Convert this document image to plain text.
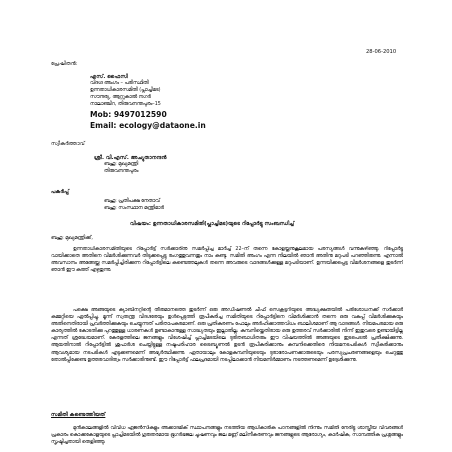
28-06-2010
പ്രേഷിതൻ:
എസ്. ഫൈസി
വിദഗ്ദ അംഗം – പരിസ്ഥിതി
ഉന്നതാധികാരസമിതി (പ്ലാച്ചിമട)
സൗന്ദര്യ, ആറ്റുകാൽ നഗർ
നാലാഞ്ചിറ, തിരുവനന്തപുരം–15
Mob: 9497012590
Email: ecology@dataone.in
സ്വീകർത്താവ്
ശ്രീ. വി.എസ്. അച്യുതാനന്ദൻ
ബഹു: മുഖ്യമന്ത്രി
തിരുവനന്തപുരം
പകർപ്പ്
ബഹു: പ്രതിപക്ഷ നേതാവ്
ബഹു: സംസ്ഥാന മന്ത്രിമാർ
വിഷയം: ഉന്നതാധികാരസമിതി(പ്ലാച്ചിമട)യുടെ റിപ്പോർട്ടു സംബന്ധിച്ച്
ബഹു: മുഖ്യമന്ത്രിക്ക്,

ഉന്നതാധികാരസമിതിയുടെ റിപ്പോർട്ട് സർക്കാരിനു സമർപ്പിച്ച മാർച്ച് 22–ന് തന്നെ കോളയ്ക്കനുകൂലമായ പരസ്യങ്ങൾ വന്നുകഴിഞ്ഞു. റിപ്പോർട്ടു വായിക്കാതെ അതിനെ വിമർശിക്കുന്നവർ തിടുക്കപ്പെട്ടു രംഗത്തുവന്നതും നാം കണ്ടു. സമിതി അംഗം എന്ന നിലയിൽ ഞാൻ അതിനു മറുപടി പറഞ്ഞിരുന്നു. എന്നാൽ അവസാനം അങ്ങേയ്ക്കു സമർപ്പിച്ചിരിക്കുന്ന റിപ്പോർട്ടിലെ കണ്ടെത്തലുകൾ തന്നെ അവരുടെ വാദങ്ങൾക്കുള്ള മറുപടിയാണ്. ഉന്നയിക്കപ്പെട്ട വിമർശനങ്ങളെ തുടർന്ന് ഞാൻ ഈ കത്ത് എഴുതുന്നു.

പക്ഷെ അങ്ങയുടെ ക്യാബിനറ്റിന്റെ തീരുമാനത്തെ തുടർന്ന് ഒരു അഡീഷണൽ ചീഫ് സെക്രട്ടറിയുടെ അദ്ധ്യക്ഷതയിൽ പരിശോധനക്ക് സർക്കാർ കമ്മറ്റിയെ ഏൽപ്പിച്ചു. മൂന്ന് സ്വതന്ത്ര വിദഗ്ദരേയും ഉൾപ്പെടുത്തി രൂപീകരിച്ച സമിതിയുടെ റിപ്പോർട്ടിനെ വിമർശിക്കാൻ തന്നെ ഒരു വകുപ്പ് വിമർശിക്കുകയും അതിനെതിരായി പ്രവർത്തിക്കുകയും ചെയ്യുന്നത് പരിതാപകരമാണ്. ഒരു പ്രതികരണം പോലും അർഹിക്കാത്തവിധം ബാലിശമാണ് ആ വാദങ്ങൾ. നിയമപരമായ ഒരു കാര്യത്തിൽ കോടതിക്കു പുറത്തുള്ള ധാരണകൾ ഉണ്ടാകാനുള്ള സാദ്ധ്യതയും ഇല്ലാതില്ല. കമ്പനിയ്ക്കെതിരായ ഒരു ഉത്തരവ് സർക്കാരിൽ നിന്ന് ഇതുവരെ ഉണ്ടായിട്ടില്ല എന്നത് ശ്രദ്ധേയമാണ്. കേരളത്തിലെ ജനങ്ങളും വിശേഷിച്ച് പ്ലാച്ചിമടയിലെ ദുരിതബാധിതരും ഈ വിഷയത്തിൽ അങ്ങയുടെ ഇടപെടൽ പ്രതീക്ഷിക്കുന്നു. ആയതിനാൽ റിപ്പോർട്ടിൽ ശുപാർശ ചെയ്തിട്ടുള്ള നഷ്ടപരിഹാര ട്രൈബ്യൂണൽ ഉടൻ രൂപീകരിക്കാനും കമ്പനിക്കെതിരെ നിയമനടപടികൾ സ്വീകരിക്കാനും ആവശ്യമായ നടപടികൾ എടുക്കണമെന്ന് അഭ്യർത്ഥിക്കുന്നു. ഏതായാലും കോളകമ്പനിയുടെയും ദുരാരോപണക്കാരുടെയും പരസ്യപ്രചരണങ്ങളെയും ചെറുത്തു തോൽപ്പിക്കേണ്ട ഉത്തരവാദിത്വം സർക്കാരിനുണ്ട്. ഈ റിപ്പോർട്ട് ഫലപ്രദമായി നടപ്പിലാക്കാൻ നിയമനിർമ്മാണം നടത്തണമെന്ന് ഉദ്ദേശിക്കുന്നു.

സമിതി കണ്ടെത്തിയത്

മുൻകാലങ്ങളിൽ വിവിധ ഏജൻസികളും അക്കാദമിക് സ്ഥാപനങ്ങളും നടത്തിയ ആധികാരിക പഠനങ്ങളിൽ നിന്നും സമിതി നേരിട്ടു ശാസ്ത്രീയ വിവരങ്ങൾ പ്രകാരം കൊക്കകോളയുടെ പ്ലാച്ചിമടയിൽ ഗുരുതരമായ ഭൂഗർഭജല ചൂഷണവും ജല മണ്ണ് മലിനീകരണവും ജനങ്ങളുടെ ആരോഗ്യം, കാർഷിക, സാമ്പത്തിക പ്രശ്നങ്ങളും സൃഷ്ടിച്ചതായി തെളിഞ്ഞു.
